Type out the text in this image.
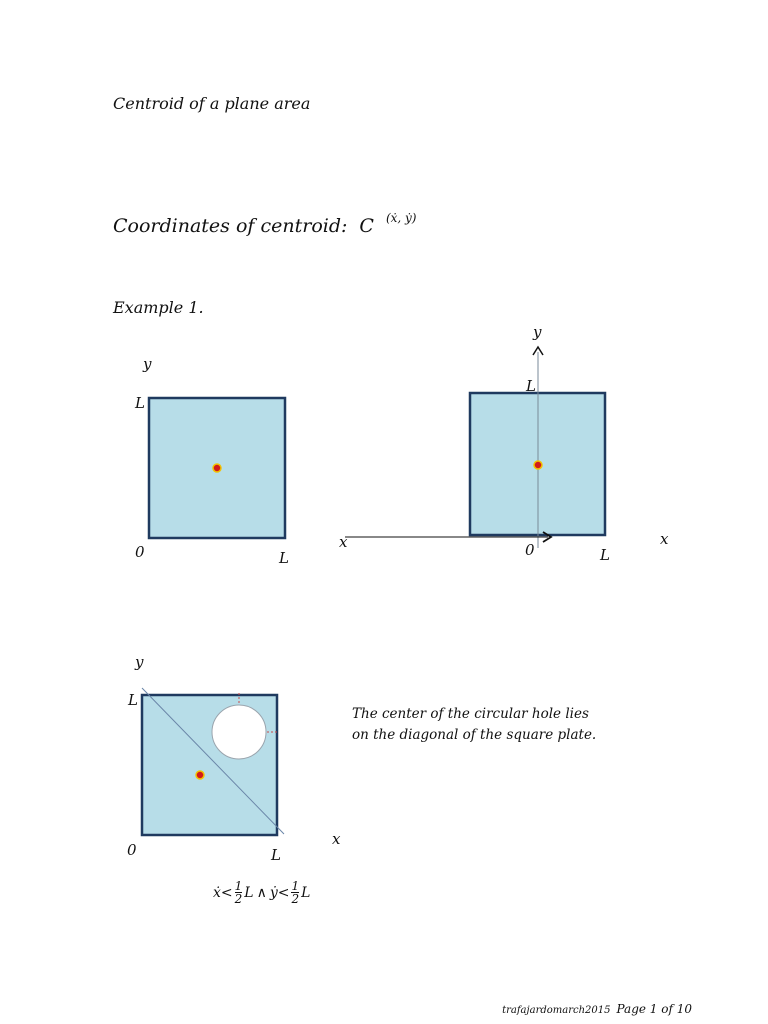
Centroid of a plane area
Coordinates of centroid: C $^{(ẋ, ẏ)}$
Example 1.
y
L
0	L
y
L
x	0	L
x
y
L
0	L
x
The center of the circular hole lies
on the diagonal of the square plate.
ẋ < $\frac{1}{2}$ L ∧ ẏ < $\frac{1}{2}$ L
trafajardomarch2015 Page 1 of 10
